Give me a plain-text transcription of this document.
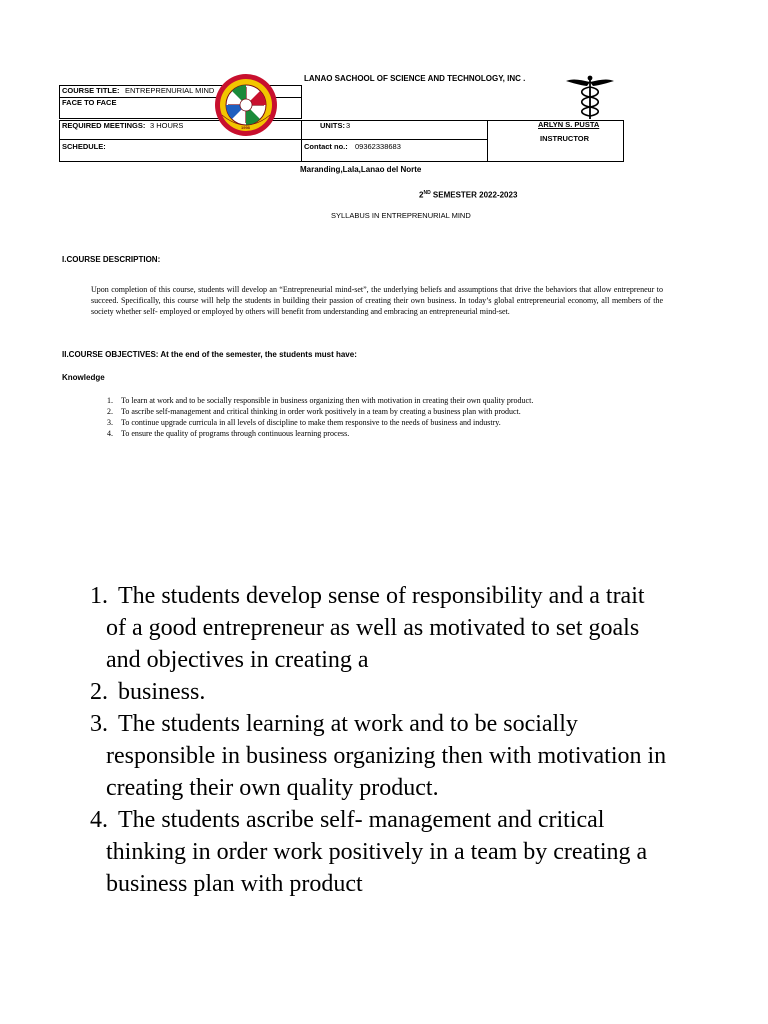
LANAO SACHOOL OF SCIENCE AND TECHNOLOGY, INC .
COURSE TITLE: ENTREPRENURIAL MIND
FACE TO FACE
REQUIRED MEETINGS: 3 HOURS	UNITS: 3	ARLYN S. PUSTA
INSTRUCTOR
SCHEDULE:	Contact no.: 09362338683
1998
Maranding,Lala,Lanao del Norte
2ND SEMESTER 2022-2023
SYLLABUS IN ENTREPRENURIAL MIND
I.COURSE DESCRIPTION:
Upon completion of this course, students will develop an “Entrepreneurial mind-set”, the underlying beliefs and assumptions that drive the behaviors that allow entrepreneur to succeed. Specifically, this course will help the students in building their passion of creating their own business. In today’s global entrepreneurial economy, all members of the society whether self- employed or employed by others will benefit from understanding and embracing an entrepreneurial mind-set.
II.COURSE OBJECTIVES: At the end of the semester, the students must have:
Knowledge
1. To learn at work and to be socially responsible in business organizing then with motivation in creating their own quality product.
2. To ascribe self-management and critical thinking in order work positively in a team by creating a business plan with product.
3. To continue upgrade curricula in all levels of discipline to make them responsive to the needs of business and industry.
4. To ensure the quality of programs through continuous learning process.
1. The students develop sense of responsibility and a trait of a good entrepreneur as well as motivated to set goals and objectives in creating a
2. business.
3. The students learning at work and to be socially responsible in business organizing then with motivation in creating their own quality product.
4. The students ascribe self- management and critical thinking in order work positively in a team by creating a business plan with product
